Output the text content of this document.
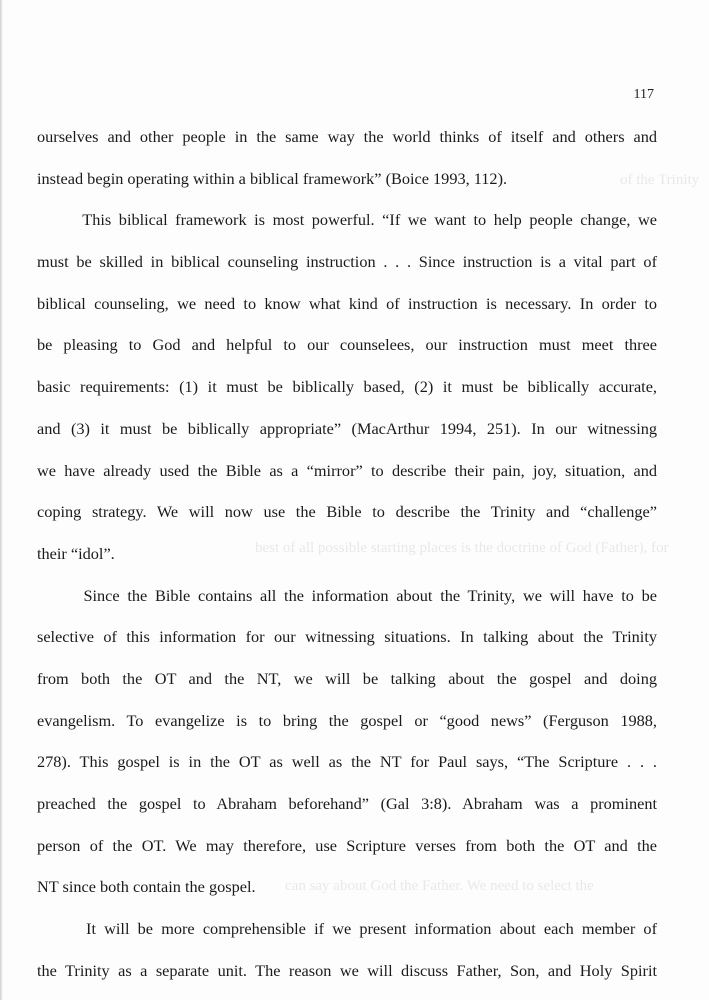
of the Trinity
best of all possible starting places is the doctrine of God (Father), for
can say about God the Father. We need to select the
117

ourselves and other people in the same way the world thinks of itself and others and
instead begin operating within a biblical framework” (Boice 1993, 112).

This biblical framework is most powerful. “If we want to help people change, we
must be skilled in biblical counseling instruction . . . Since instruction is a vital part of
biblical counseling, we need to know what kind of instruction is necessary. In order to
be pleasing to God and helpful to our counselees, our instruction must meet three
basic requirements: (1) it must be biblically based, (2) it must be biblically accurate,
and (3) it must be biblically appropriate” (MacArthur 1994, 251). In our witnessing
we have already used the Bible as a “mirror” to describe their pain, joy, situation, and
coping strategy. We will now use the Bible to describe the Trinity and “challenge”
their “idol”.

Since the Bible contains all the information about the Trinity, we will have to be
selective of this information for our witnessing situations. In talking about the Trinity
from both the OT and the NT, we will be talking about the gospel and doing
evangelism. To evangelize is to bring the gospel or “good news” (Ferguson 1988,
278). This gospel is in the OT as well as the NT for Paul says, “The Scripture . . .
preached the gospel to Abraham beforehand” (Gal 3:8). Abraham was a prominent
person of the OT. We may therefore, use Scripture verses from both the OT and the
NT since both contain the gospel.

It will be more comprehensible if we present information about each member of
the Trinity as a separate unit. The reason we will discuss Father, Son, and Holy Spirit
